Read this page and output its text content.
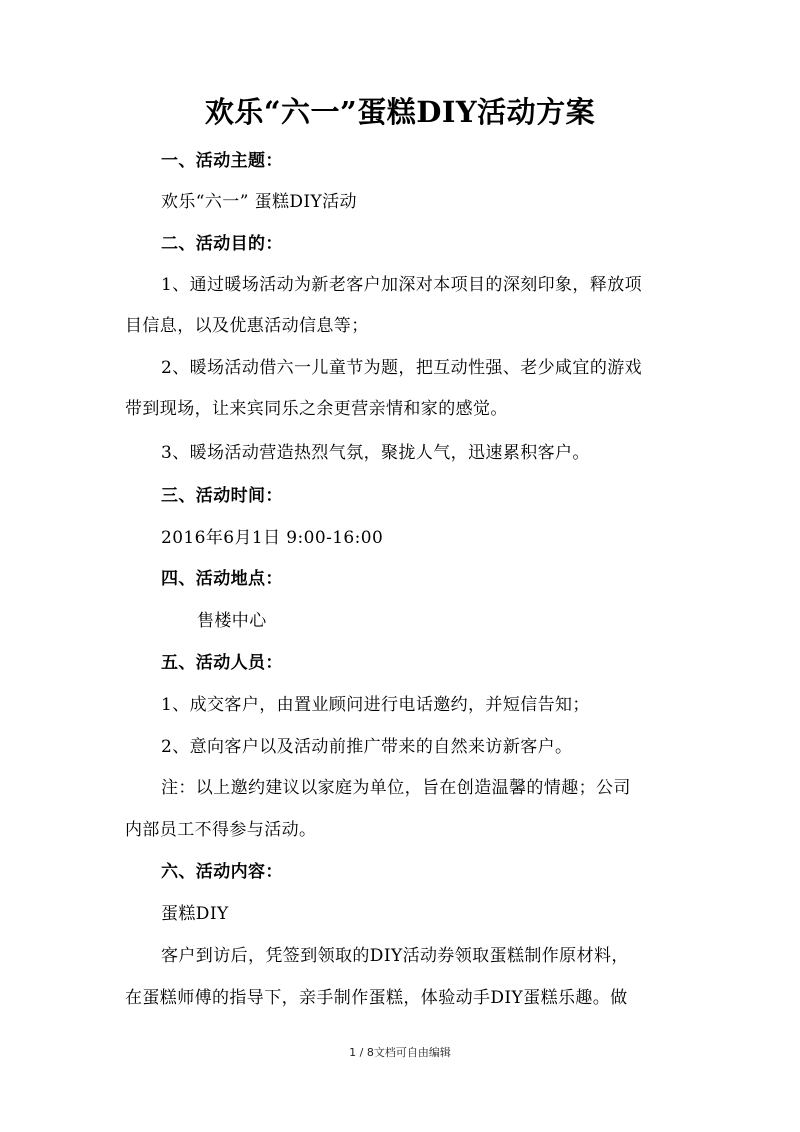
欢乐“六一”蛋糕DIY活动方案
一、活动主题：
欢乐“六一” 蛋糕DIY活动
二、活动目的：
1、通过暖场活动为新老客户加深对本项目的深刻印象，释放项
目信息，以及优惠活动信息等；
2、暖场活动借六一儿童节为题，把互动性强、老少咸宜的游戏
带到现场，让来宾同乐之余更营亲情和家的感觉。
3、暖场活动营造热烈气氛，聚拢人气，迅速累积客户。
三、活动时间：
2016年6月1日 9:00-16:00
四、活动地点：
售楼中心
五、活动人员：
1、成交客户，由置业顾问进行电话邀约，并短信告知；
2、意向客户以及活动前推广带来的自然来访新客户。
注：以上邀约建议以家庭为单位，旨在创造温馨的情趣；公司
内部员工不得参与活动。
六、活动内容：
蛋糕DIY
客户到访后，凭签到领取的DIY活动券领取蛋糕制作原材料，
在蛋糕师傅的指导下，亲手制作蛋糕，体验动手DIY蛋糕乐趣。做
1 / 8文档可自由编辑
